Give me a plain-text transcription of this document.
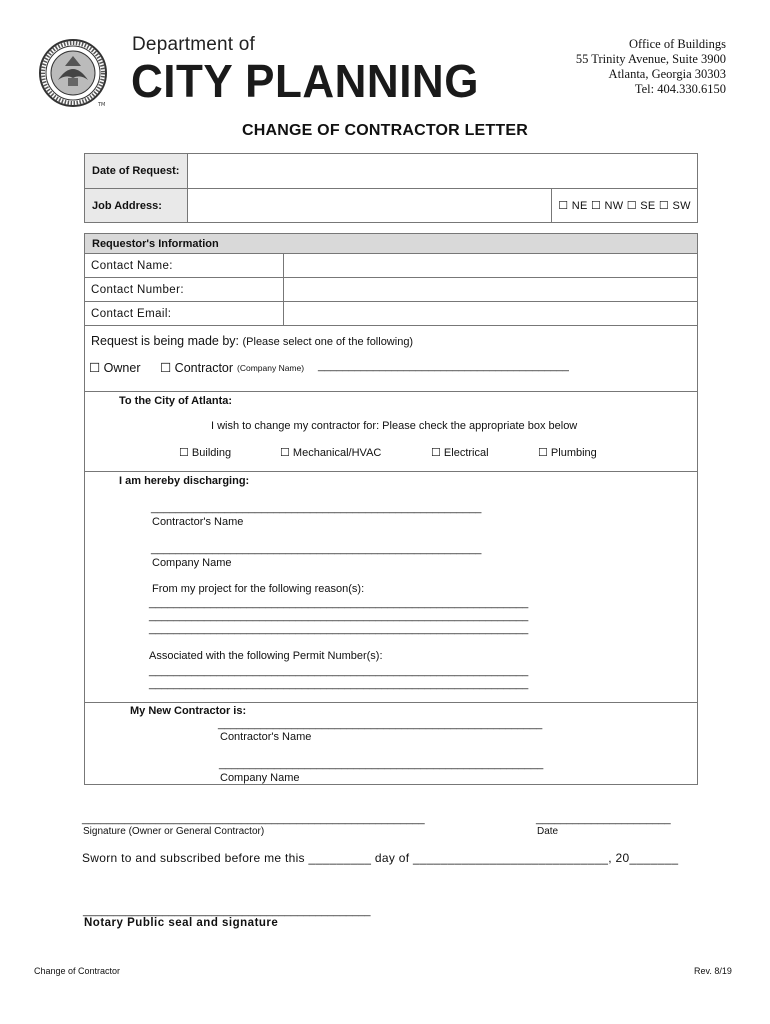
TM
Department of
CITY PLANNING
Office of Buildings
55 Trinity Avenue, Suite 3900
Atlanta, Georgia 30303
Tel: 404.330.6150
CHANGE OF CONTRACTOR LETTER
Date of Request:
Job Address:	☐ NE ☐ NW ☐ SE ☐ SW
Requestor's Information
Contact Name:
Contact Number:
Contact Email:
Request is being made by: (Please select one of the following)
☐ Owner ☐ Contractor (Company Name) _________________________________________
To the City of Atlanta:
I wish to change my contractor for: Please check the appropriate box below
☐ Building	☐ Mechanical/HVAC	☐ Electrical	☐ Plumbing
I am hereby discharging:
______________________________________________________
Contractor's Name
______________________________________________________
Company Name
From my project for the following reason(s):
______________________________________________________________
______________________________________________________________
______________________________________________________________
Associated with the following Permit Number(s):
______________________________________________________________
______________________________________________________________
My New Contractor is:
_____________________________________________________
Contractor's Name
_____________________________________________________
Company Name
________________________________________________________
Signature (Owner or General Contractor)
______________________
Date
Sworn to and subscribed before me this _________ day of ____________________________, 20_______
_______________________________________________
Notary Public seal and signature
Change of Contractor	Rev. 8/19
